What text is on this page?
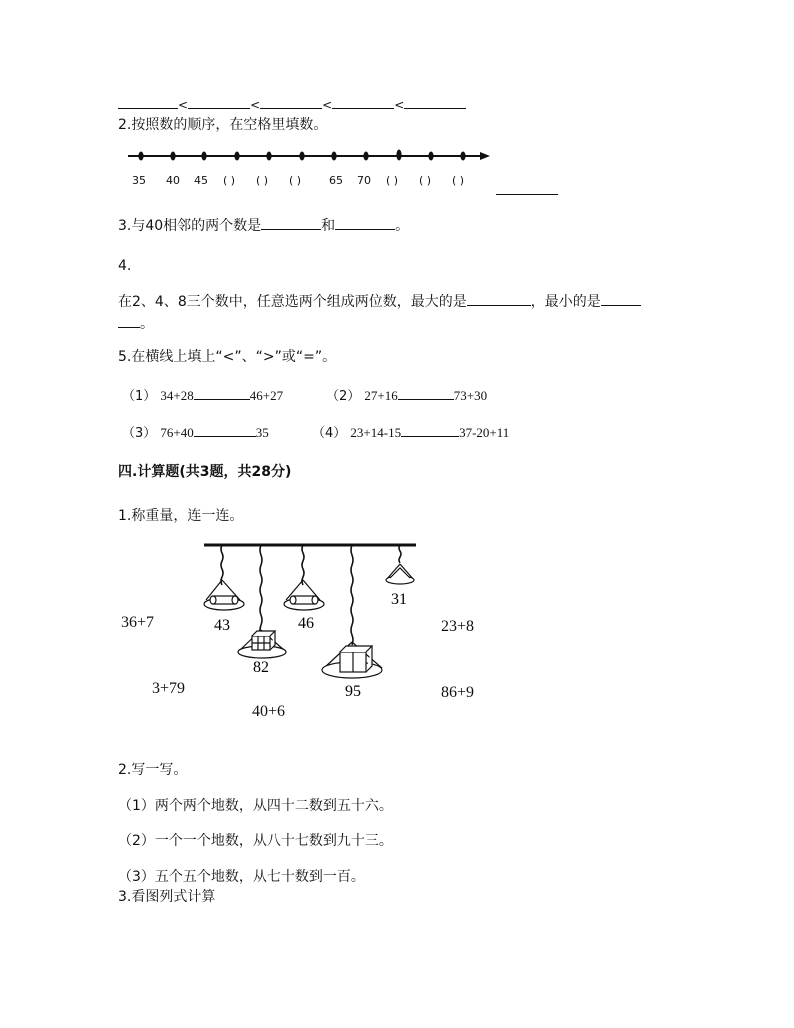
<	<	<	<
2.按照数的顺序，在空格里填数。
35 40 45 ( ) ( ) ( )	65 70 ( ) ( ) ( )
3.与40相邻的两个数是	和	。
4.
在2、4、8三个数中，任意选两个组成两位数，最大的是	，最小的是
。
5.在横线上填上“<”、“>”或“=”。
（1） 34+28	46+27	（2） 27+16	73+30
（3） 76+40	35	（4） 23+14-15	37-20+11
四.计算题(共3题，共28分)
1.称重量，连一连。
43
82
46
95
31
36+7
3+79
40+6
23+8
86+9
2.写一写。
（1）两个两个地数，从四十二数到五十六。
（2）一个一个地数，从八十七数到九十三。
（3）五个五个地数，从七十数到一百。
3.看图列式计算
